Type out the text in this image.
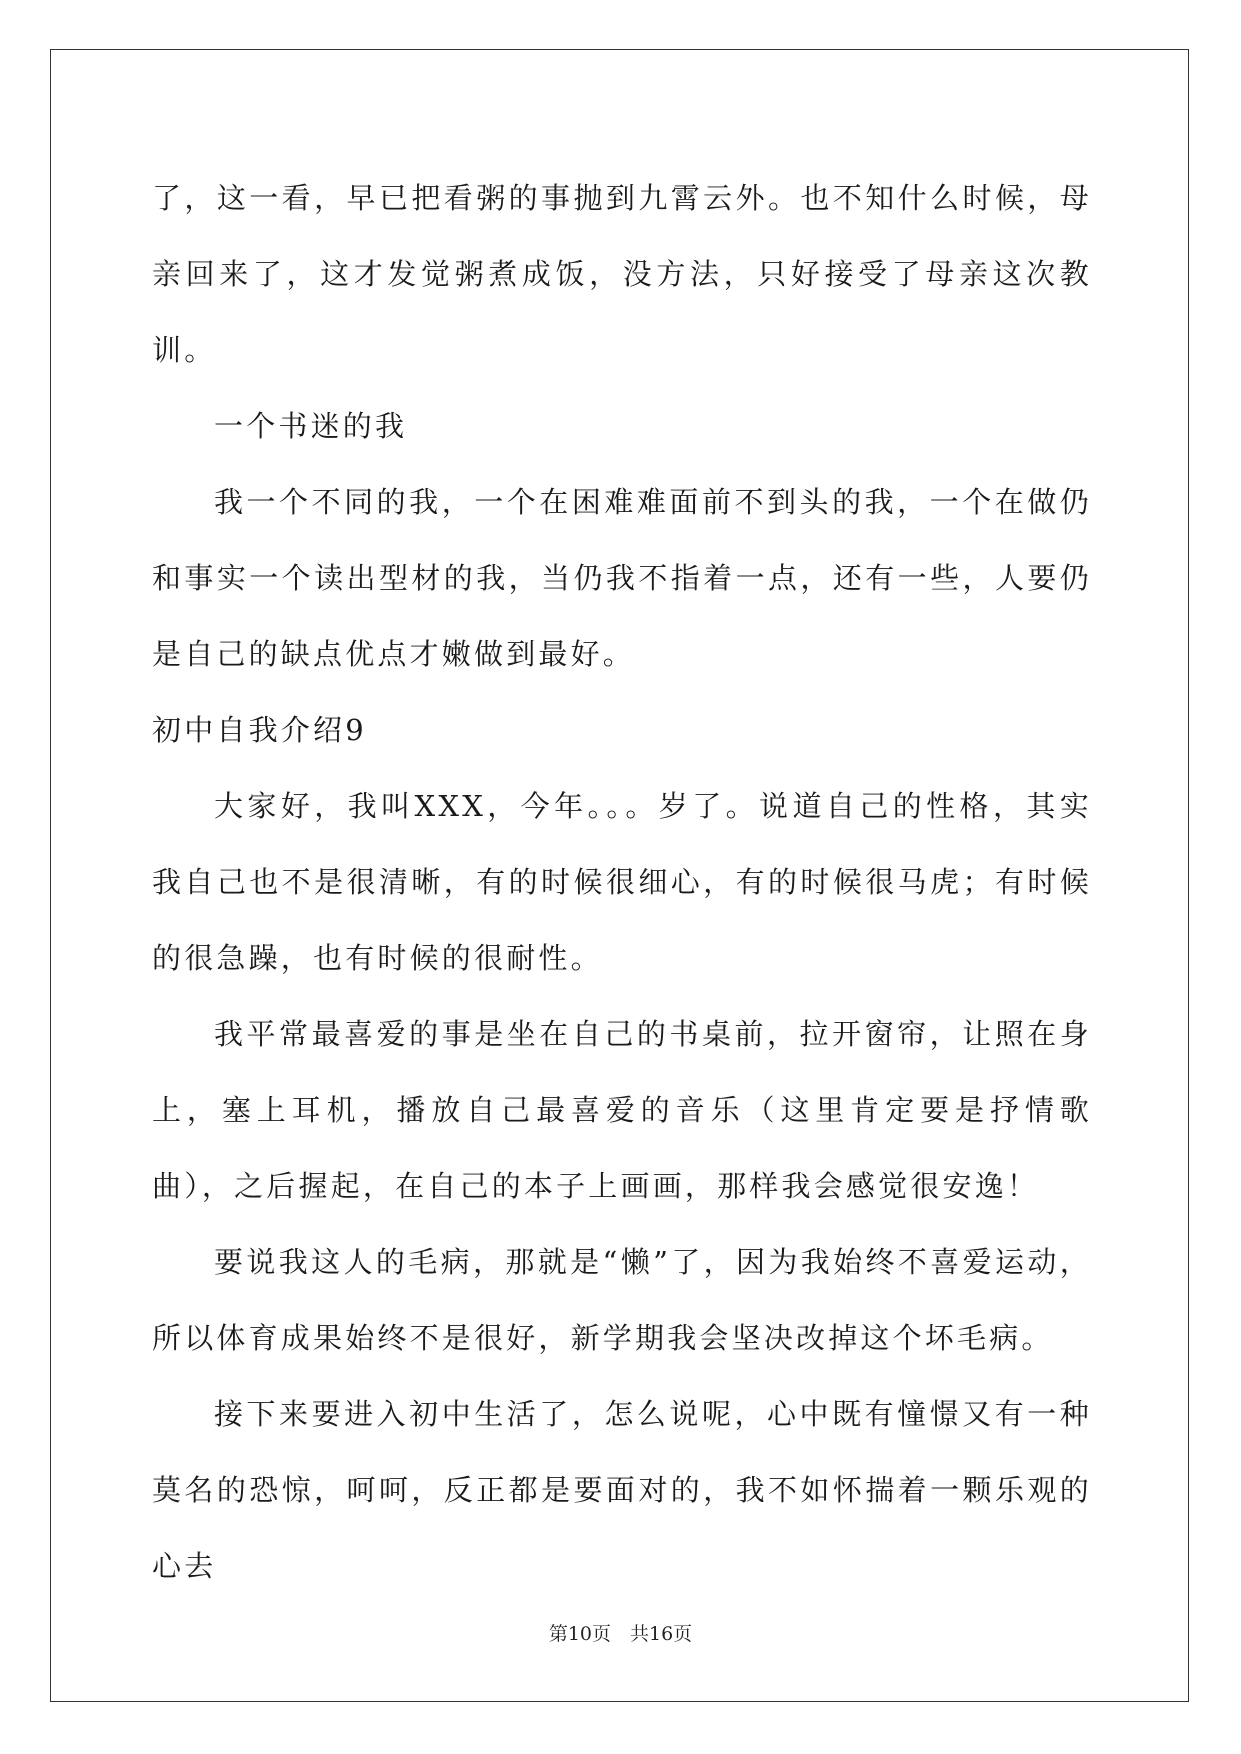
了，这一看，早已把看粥的事抛到九霄云外。也不知什么时候，母亲回来了，这才发觉粥煮成饭，没方法，只好接受了母亲这次教训。

一个书迷的我

我一个不同的我，一个在困难难面前不到头的我，一个在做仍和事实一个读出型材的我，当仍我不指着一点，还有一些，人要仍是自己的缺点优点才嫩做到最好。

初中自我介绍9

大家好，我叫XXX，今年。。。岁了。说道自己的性格，其实我自己也不是很清晰，有的时候很细心，有的时候很马虎；有时候的很急躁，也有时候的很耐性。

我平常最喜爱的事是坐在自己的书桌前，拉开窗帘，让照在身上，塞上耳机，播放自己最喜爱的音乐（这里肯定要是抒情歌曲），之后握起，在自己的本子上画画，那样我会感觉很安逸！

要说我这人的毛病，那就是“懒”了，因为我始终不喜爱运动，所以体育成果始终不是很好，新学期我会坚决改掉这个坏毛病。

接下来要进入初中生活了，怎么说呢，心中既有憧憬又有一种莫名的恐惊，呵呵，反正都是要面对的，我不如怀揣着一颗乐观的心去

第10页　共16页
